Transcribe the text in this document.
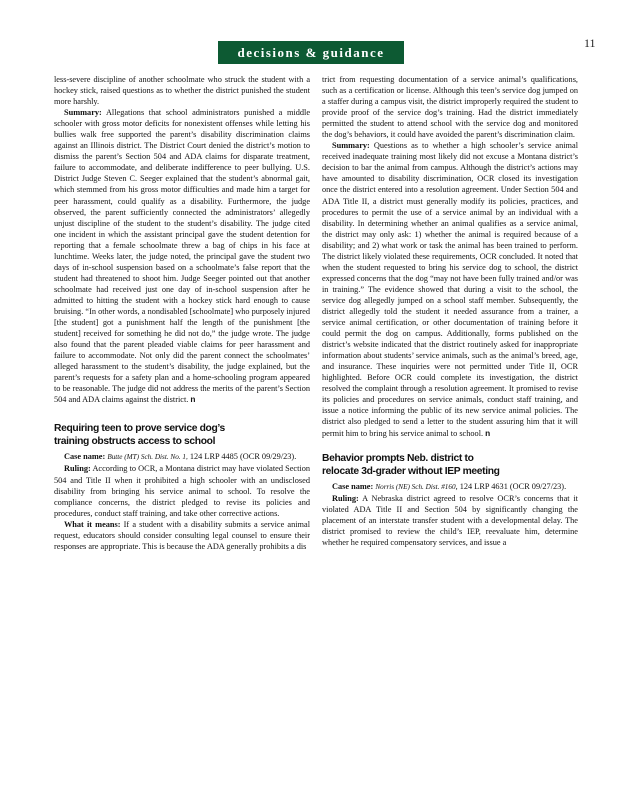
decisions & guidance
11

less-severe discipline of another schoolmate who struck the student with a hockey stick, raised questions as to whether the district punished the student more harshly.

Summary: Allegations that school administrators punished a middle schooler with gross motor deficits for nonexistent offenses while letting his bullies walk free supported the parent’s disability discrimination claims against an Illinois district. The District Court denied the district’s motion to dismiss the parent’s Section 504 and ADA claims for disparate treatment, failure to accommodate, and deliberate indifference to peer bullying. U.S. District Judge Steven C. Seeger explained that the student’s abnormal gait, which stemmed from his gross motor difficulties and made him a target for peer harassment, could qualify as a disability. Furthermore, the judge observed, the parent sufficiently connected the administrators’ allegedly unjust discipline of the student to the student’s disability. The judge cited one incident in which the assistant principal gave the student detention for reporting that a female schoolmate threw a bag of chips in his face at lunchtime. Weeks later, the judge noted, the principal gave the student two days of in-school suspension based on a schoolmate’s false report that the student had threatened to shoot him. Judge Seeger pointed out that another schoolmate had received just one day of in-school suspension after he admitted to hitting the student with a hockey stick hard enough to cause bruising. “In other words, a nondisabled [schoolmate] who purposely injured [the student] got a punishment half the length of the punishment [the student] received for something he did not do,” the judge wrote. The judge also found that the parent pleaded viable claims for peer harassment and failure to accommodate. Not only did the parent connect the schoolmates’ alleged harassment to the student’s disability, the judge explained, but the parent’s requests for a safety plan and a home-schooling program appeared to be reasonable. The judge did not address the merits of the parent’s Section 504 and ADA claims against the district. n

Requiring teen to prove service dog’s
training obstructs access to school

Case name: Butte (MT) Sch. Dist. No. 1, 124 LRP 4485 (OCR 09/29/23).

Ruling: According to OCR, a Montana district may have violated Section 504 and Title II when it prohibited a high schooler with an undisclosed disability from bringing his service animal to school. To resolve the compliance concerns, the district pledged to revise its policies and procedures, conduct staff training, and take other corrective actions.

What it means: If a student with a disability submits a service animal request, educators should consider consulting legal counsel to ensure their responses are appropriate. This is because the ADA generally prohibits a dis

trict from requesting documentation of a service animal’s qualifications, such as a certification or license. Although this teen’s service dog jumped on a staffer during a campus visit, the district improperly required the student to provide proof of the service dog’s training. Had the district immediately permitted the student to attend school with the service dog and monitored the dog’s behaviors, it could have avoided the parent’s discrimination claim.

Summary: Questions as to whether a high schooler’s service animal received inadequate training most likely did not excuse a Montana district’s decision to bar the animal from campus. Although the district’s actions may have amounted to disability discrimination, OCR closed its investigation once the district entered into a resolution agreement. Under Section 504 and ADA Title II, a district must generally modify its policies, practices, and procedures to permit the use of a service animal by an individual with a disability. In determining whether an animal qualifies as a service animal, the district may only ask: 1) whether the animal is required because of a disability; and 2) what work or task the animal has been trained to perform. The district likely violated these requirements, OCR concluded. It noted that when the student requested to bring his service dog to school, the district expressed concerns that the dog “may not have been fully trained and/or was in training.” The evidence showed that during a visit to the school, the service dog allegedly jumped on a school staff member. Subsequently, the district allegedly told the student it needed assurance from a trainer, a service animal certification, or other documentation of training before it could permit the dog on campus. Additionally, forms published on the district’s website indicated that the district routinely asked for inappropriate information about students’ service animals, such as the animal’s breed, age, and insurance. These inquiries were not permitted under Title II, OCR highlighted. Before OCR could complete its investigation, the district resolved the complaint through a resolution agreement. It promised to revise its policies and procedures on service animals, conduct staff training, and issue a notice informing the public of its new service animal policies. The district also pledged to send a letter to the student assuring him that it will permit him to bring his service animal to school. n

Behavior prompts Neb. district to
relocate 3d-grader without IEP meeting

Case name: Norris (NE) Sch. Dist. #160, 124 LRP 4631 (OCR 09/27/23).

Ruling: A Nebraska district agreed to resolve OCR’s concerns that it violated ADA Title II and Section 504 by significantly changing the placement of an interstate transfer student with a developmental delay. The district promised to review the child’s IEP, reevaluate him, determine whether he required compensatory services, and issue a
